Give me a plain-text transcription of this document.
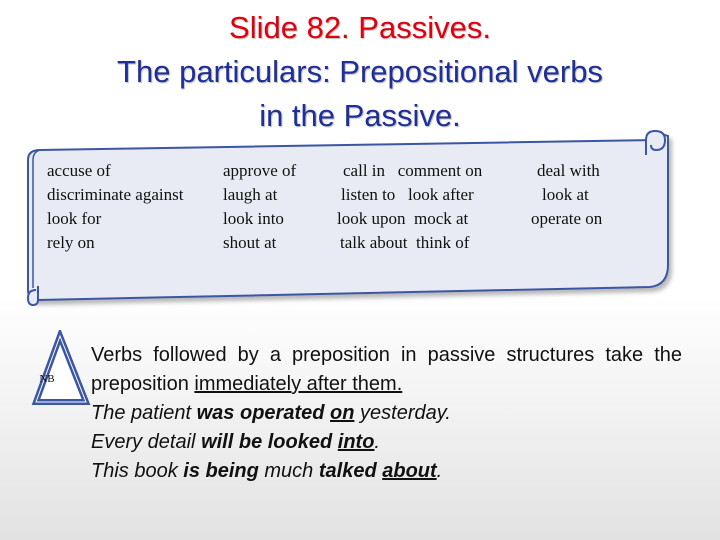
Slide 82. Passives.
The particulars: Prepositional verbs
in the Passive.
accuse of
discriminate against
look for
rely on
approve of
laugh at
look into
shout at
call in   comment on
listen to   look after
look upon  mock at
talk about  think of
deal with
look at
operate on
NB
Verbs followed by a preposition in passive structures take the preposition immediately after them.
The patient was operated on yesterday.
Every detail will be looked into.
This book is being much talked about.
